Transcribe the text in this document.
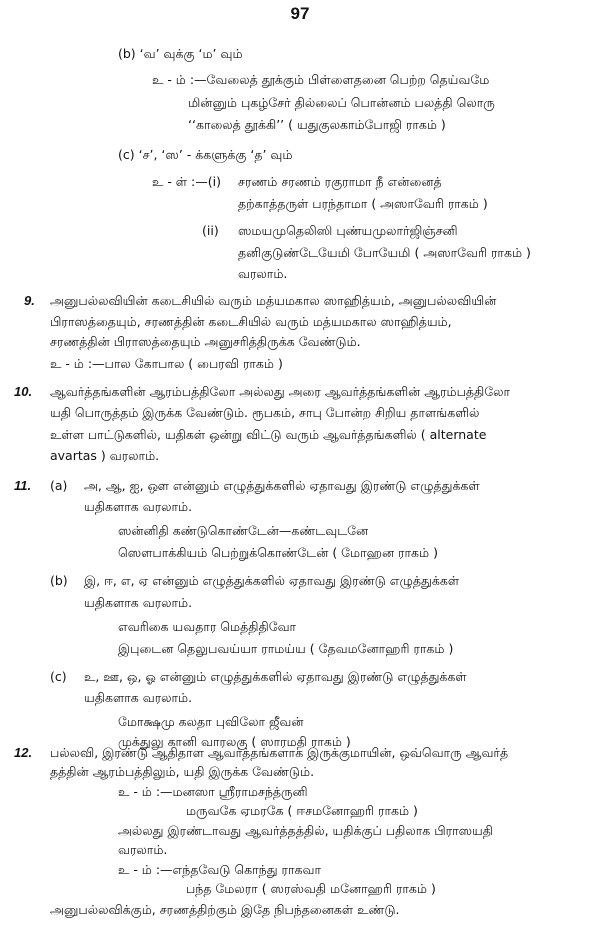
97
(b) ‘வ’ வுக்கு ‘ம’ வும்
உ - ம் :—வேலைத் தூக்கும் பிள்ளைதனை பெற்ற தெய்வமே
மின்னும் புகழ்சேர் தில்லைப் பொன்னம் பலத்தி லொரு
‘‘காலைத் தூக்கி’’ ( யதுகுலகாம்போஜி ராகம் )
(c) ‘ச’, ‘ஸ’ - க்களுக்கு ‘த’ வும்
உ - ள் :—(i) சரணம் சரணம் ரகுராமா நீ என்னைத்
தற்காத்தருள் பரந்தாமா ( அஸாவேரி ராகம் )
(ii) ஸமயமுதெலிஸி புண்யமுலார்ஜிஞ்சனி
தனிகுடுண்டேயேமி போயேமி ( அஸாவேரி ராகம் )
வரலாம்.
9. அனுபல்லவியின் கடைசியில் வரும் மத்யமகால ஸாஹித்யம், அனுபல்லவியின்
பிராஸத்தையும், சரணத்தின் கடைசியில் வரும் மத்யமகால ஸாஹித்யம்,
சரணத்தின் பிராஸத்தையும் அனுசரித்திருக்க வேண்டும்.
உ - ம் :—பால கோபால ( பைரவி ராகம் )
10. ஆவர்த்தங்களின் ஆரம்பத்திலோ அல்லது அரை ஆவர்த்தங்களின் ஆரம்பத்திலோ
யதி பொருத்தம் இருக்க வேண்டும். ரூபகம், சாபு போன்ற சிறிய தாளங்களில்
உள்ள பாட்டுகளில், யதிகள் ஒன்று விட்டு வரும் ஆவர்த்தங்களில் ( alternate
avartas ) வரலாம்.
11. (a) அ, ஆ, ஐ, ஔ என்னும் எழுத்துக்களில் ஏதாவது இரண்டு எழுத்துக்கள்
யதிகளாக வரலாம்.
ஸன்னிதி கண்டுகொண்டேன்—கண்டவுடனே
ஸௌபாக்கியம் பெற்றுக்கொண்டேன் ( மோஹன ராகம் )
(b) இ, ஈ, எ, ஏ என்னும் எழுத்துக்களில் ஏதாவது இரண்டு எழுத்துக்கள்
யதிகளாக வரலாம்.
எவரிகை யவதார மெத்திதிவோ
இபுடைன தெலுபவய்யா ராமய்ய ( தேவமனோஹரி ராகம் )
(c) உ, ஊ, ஒ, ஓ என்னும் எழுத்துக்களில் ஏதாவது இரண்டு எழுத்துக்கள்
யதிகளாக வரலாம்.
மோக்ஷமு கலதா புவிலோ ஜீவன்
முக்துலு கானி வாரலகு ( ஸாரமதி ராகம் )
12. பல்லவி, இரண்டு ஆதிதாள ஆவர்த்தங்களாக இருக்குமாயின், ஒவ்வொரு ஆவர்த்
தத்தின் ஆரம்பத்திலும், யதி இருக்க வேண்டும்.
உ - ம் :—மனஸா ஸ்ரீராமசந்த்ருனி
மருவகே ஏமரகே ( ஈசமனோஹரி ராகம் )
அல்லது இரண்டாவது ஆவர்த்தத்தில், யதிக்குப் பதிலாக பிராஸயதி
வரலாம்.
உ - ம் :—எந்தவேடு கொந்து ராகவா
பந்த மேலரா ( ஸரஸ்வதி மனோஹரி ராகம் )
அனுபல்லவிக்கும், சரணத்திற்கும் இதே நிபந்தனைகள் உண்டு.
